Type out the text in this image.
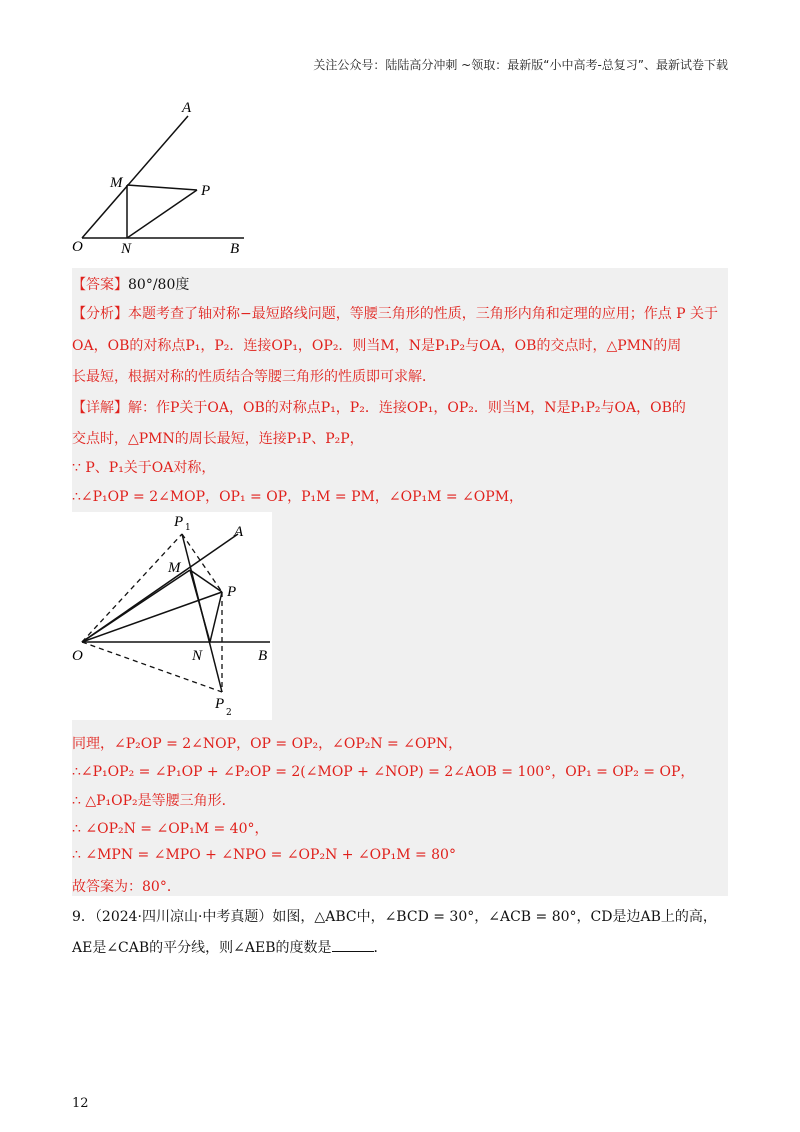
关注公众号：陆陆高分冲刺 ~领取：最新版“小中高考-总复习”、最新试卷下载
A
M	P
O	N	B
【答案】80°/80度
【分析】本题考查了轴对称−最短路线问题，等腰三角形的性质，三角形内角和定理的应用；作点 P 关于
OA，OB的对称点P₁，P₂．连接OP₁，OP₂．则当M，N是P₁P₂与OA，OB的交点时，△PMN的周
长最短，根据对称的性质结合等腰三角形的性质即可求解．
【详解】解：作P关于OA，OB的对称点P₁，P₂．连接OP₁，OP₂．则当M，N是P₁P₂与OA，OB的
交点时，△PMN的周长最短，连接P₁P、P₂P，
∵ P、P₁关于OA对称，
∴∠P₁OP = 2∠MOP，OP₁ = OP，P₁M = PM，∠OP₁M = ∠OPM，
P 1	A
M
P
O	N	B
P
2
同理，∠P₂OP = 2∠NOP，OP = OP₂，∠OP₂N = ∠OPN，
∴∠P₁OP₂ = ∠P₁OP + ∠P₂OP = 2(∠MOP + ∠NOP) = 2∠AOB = 100°，OP₁ = OP₂ = OP，
∴ △P₁OP₂是等腰三角形．
∴ ∠OP₂N = ∠OP₁M = 40°，
∴ ∠MPN = ∠MPO + ∠NPO = ∠OP₂N + ∠OP₁M = 80°
故答案为：80°．
9．（2024·四川凉山·中考真题）如图，△ABC中，∠BCD = 30°，∠ACB = 80°，CD是边AB上的高，
AE是∠CAB的平分线，则∠AEB的度数是	．
12
